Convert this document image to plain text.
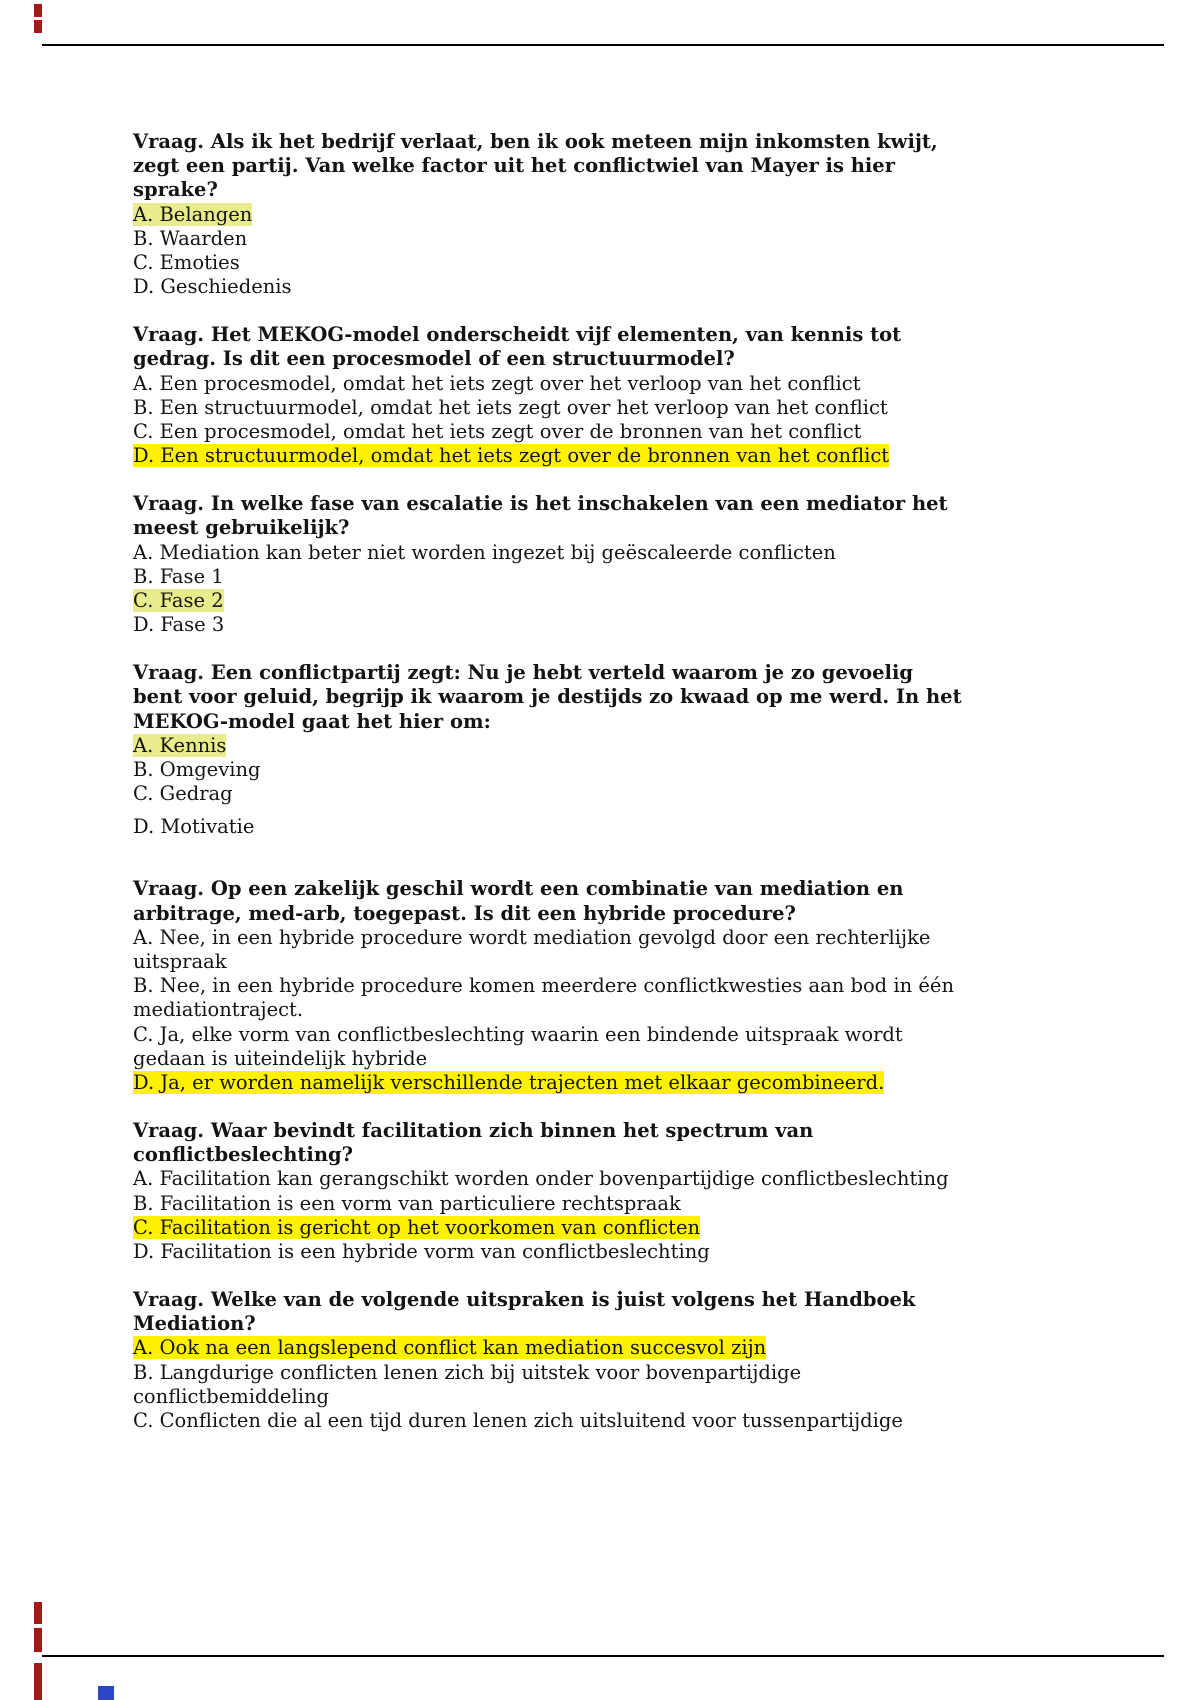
Vraag. Als ik het bedrijf verlaat, ben ik ook meteen mijn inkomsten kwijt, zegt een partij. Van welke factor uit het conflictwiel van Mayer is hier sprake?

A. Belangen

B. Waarden

C. Emoties

D. Geschiedenis

Vraag. Het MEKOG-model onderscheidt vijf elementen, van kennis tot gedrag. Is dit een procesmodel of een structuurmodel?

A. Een procesmodel, omdat het iets zegt over het verloop van het conflict

B. Een structuurmodel, omdat het iets zegt over het verloop van het conflict

C. Een procesmodel, omdat het iets zegt over de bronnen van het conflict

D. Een structuurmodel, omdat het iets zegt over de bronnen van het conflict

Vraag. In welke fase van escalatie is het inschakelen van een mediator het meest gebruikelijk?

A. Mediation kan beter niet worden ingezet bij geëscaleerde conflicten

B. Fase 1

C. Fase 2

D. Fase 3

Vraag. Een conflictpartij zegt: Nu je hebt verteld waarom je zo gevoelig bent voor geluid, begrijp ik waarom je destijds zo kwaad op me werd. In het MEKOG-model gaat het hier om:

A. Kennis

B. Omgeving

C. Gedrag

D. Motivatie

Vraag. Op een zakelijk geschil wordt een combinatie van mediation en arbitrage, med-arb, toegepast. Is dit een hybride procedure?

A. Nee, in een hybride procedure wordt mediation gevolgd door een rechterlijke uitspraak

B. Nee, in een hybride procedure komen meerdere conflictkwesties aan bod in één mediationtraject.

C. Ja, elke vorm van conflictbeslechting waarin een bindende uitspraak wordt gedaan is uiteindelijk hybride

D. Ja, er worden namelijk verschillende trajecten met elkaar gecombineerd.

Vraag. Waar bevindt facilitation zich binnen het spectrum van conflictbeslechting?

A. Facilitation kan gerangschikt worden onder bovenpartijdige conflictbeslechting

B. Facilitation is een vorm van particuliere rechtspraak

C. Facilitation is gericht op het voorkomen van conflicten

D. Facilitation is een hybride vorm van conflictbeslechting

Vraag. Welke van de volgende uitspraken is juist volgens het Handboek Mediation?

A. Ook na een langslepend conflict kan mediation succesvol zijn

B. Langdurige conflicten lenen zich bij uitstek voor bovenpartijdige conflictbemiddeling

C. Conflicten die al een tijd duren lenen zich uitsluitend voor tussenpartijdige
